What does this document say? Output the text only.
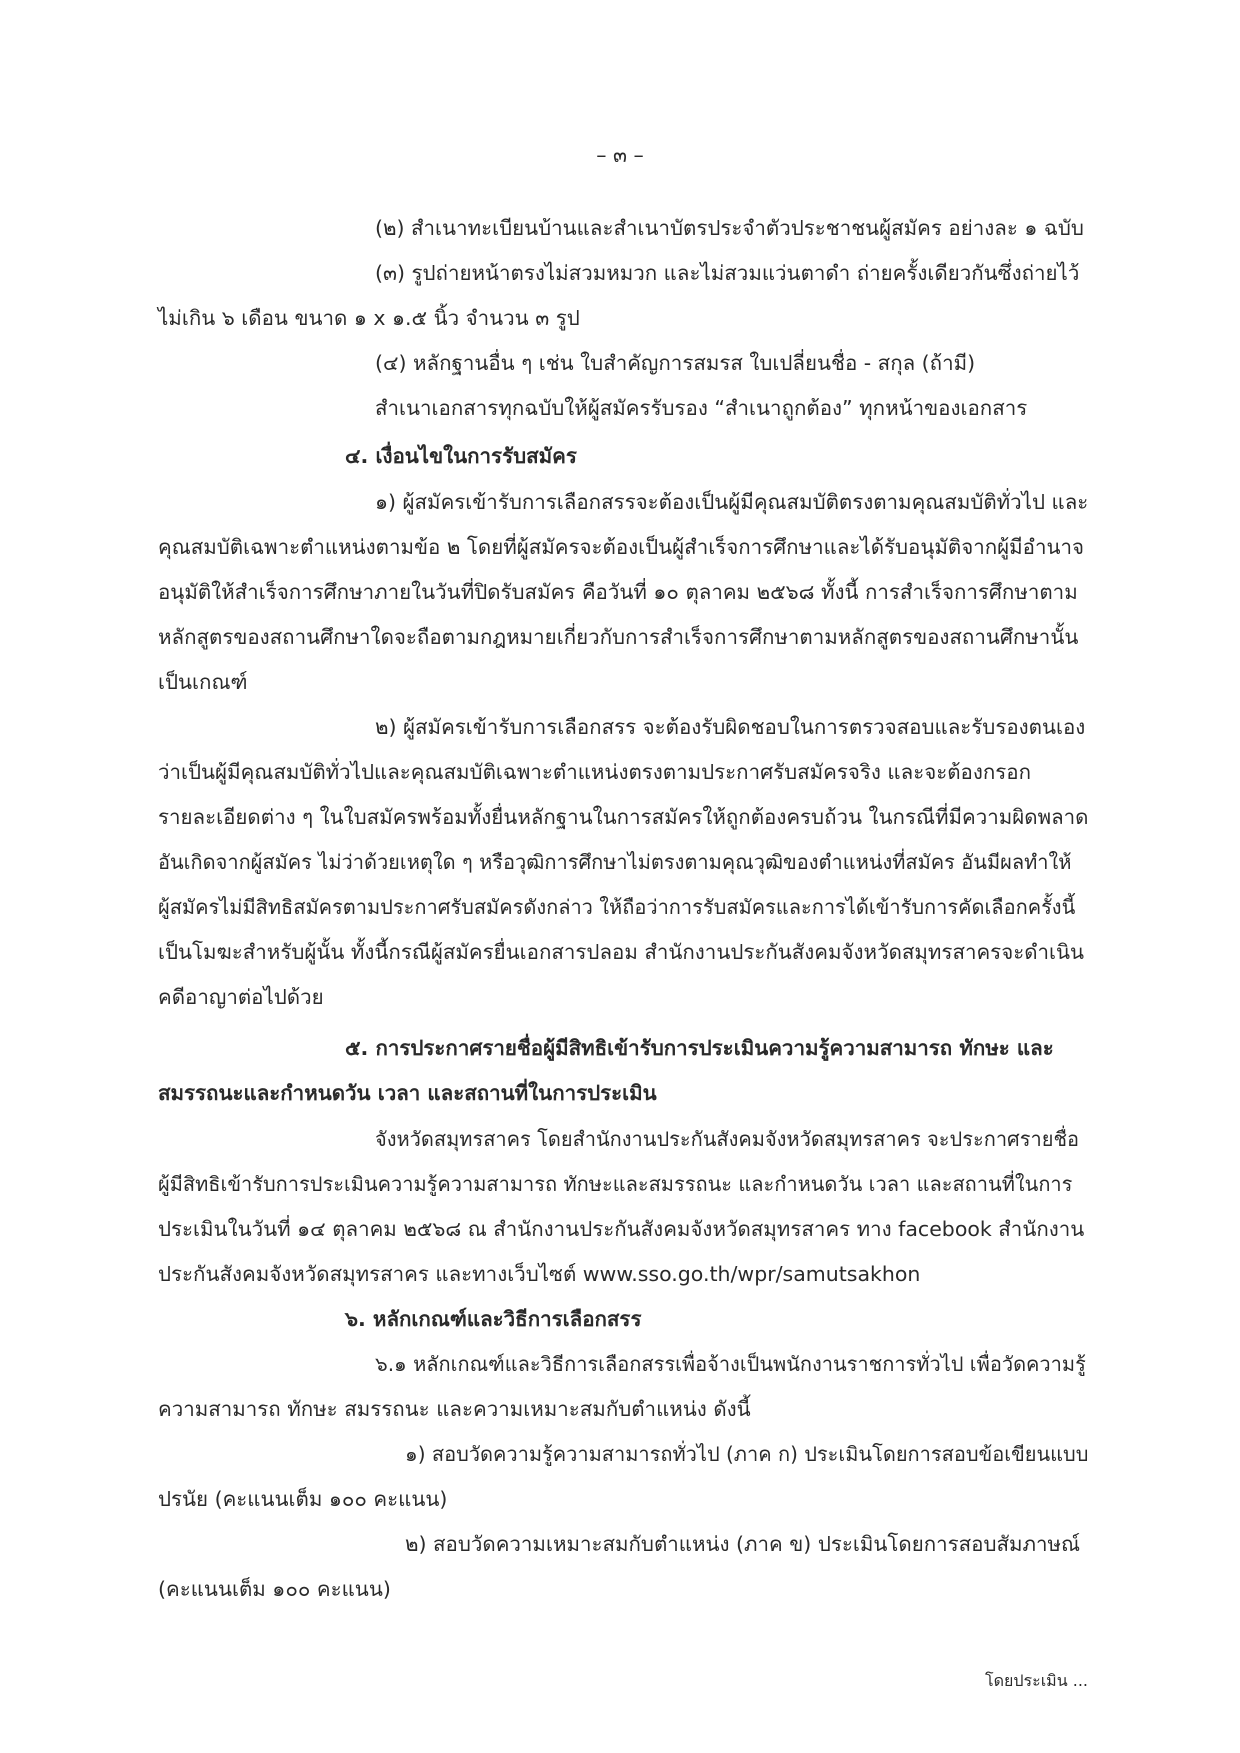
– ๓ –
(๒) สำเนาทะเบียนบ้านและสำเนาบัตรประจำตัวประชาชนผู้สมัคร อย่างละ ๑ ฉบับ
(๓) รูปถ่ายหน้าตรงไม่สวมหมวก และไม่สวมแว่นตาดำ ถ่ายครั้งเดียวกันซึ่งถ่ายไว้
ไม่เกิน ๖ เดือน ขนาด ๑ x ๑.๕ นิ้ว จำนวน ๓ รูป
(๔) หลักฐานอื่น ๆ เช่น ใบสำคัญการสมรส ใบเปลี่ยนชื่อ - สกุล (ถ้ามี)
สำเนาเอกสารทุกฉบับให้ผู้สมัครรับรอง “สำเนาถูกต้อง” ทุกหน้าของเอกสาร
๔. เงื่อนไขในการรับสมัคร
๑) ผู้สมัครเข้ารับการเลือกสรรจะต้องเป็นผู้มีคุณสมบัติตรงตามคุณสมบัติทั่วไป และ
คุณสมบัติเฉพาะตำแหน่งตามข้อ ๒ โดยที่ผู้สมัครจะต้องเป็นผู้สำเร็จการศึกษาและได้รับอนุมัติจากผู้มีอำนาจ
อนุมัติให้สำเร็จการศึกษาภายในวันที่ปิดรับสมัคร คือวันที่ ๑๐ ตุลาคม ๒๕๖๘ ทั้งนี้ การสำเร็จการศึกษาตาม
หลักสูตรของสถานศึกษาใดจะถือตามกฎหมายเกี่ยวกับการสำเร็จการศึกษาตามหลักสูตรของสถานศึกษานั้น
เป็นเกณฑ์
๒) ผู้สมัครเข้ารับการเลือกสรร จะต้องรับผิดชอบในการตรวจสอบและรับรองตนเอง
ว่าเป็นผู้มีคุณสมบัติทั่วไปและคุณสมบัติเฉพาะตำแหน่งตรงตามประกาศรับสมัครจริง และจะต้องกรอก
รายละเอียดต่าง ๆ ในใบสมัครพร้อมทั้งยื่นหลักฐานในการสมัครให้ถูกต้องครบถ้วน ในกรณีที่มีความผิดพลาด
อันเกิดจากผู้สมัคร ไม่ว่าด้วยเหตุใด ๆ หรือวุฒิการศึกษาไม่ตรงตามคุณวุฒิของตำแหน่งที่สมัคร อันมีผลทำให้
ผู้สมัครไม่มีสิทธิสมัครตามประกาศรับสมัครดังกล่าว ให้ถือว่าการรับสมัครและการได้เข้ารับการคัดเลือกครั้งนี้
เป็นโมฆะสำหรับผู้นั้น ทั้งนี้กรณีผู้สมัครยื่นเอกสารปลอม สำนักงานประกันสังคมจังหวัดสมุทรสาครจะดำเนิน
คดีอาญาต่อไปด้วย
๕. การประกาศรายชื่อผู้มีสิทธิเข้ารับการประเมินความรู้ความสามารถ ทักษะ และ
สมรรถนะและกำหนดวัน เวลา และสถานที่ในการประเมิน
จังหวัดสมุทรสาคร โดยสำนักงานประกันสังคมจังหวัดสมุทรสาคร จะประกาศรายชื่อ
ผู้มีสิทธิเข้ารับการประเมินความรู้ความสามารถ ทักษะและสมรรถนะ และกำหนดวัน เวลา และสถานที่ในการ
ประเมินในวันที่ ๑๔ ตุลาคม ๒๕๖๘ ณ สำนักงานประกันสังคมจังหวัดสมุทรสาคร ทาง facebook สำนักงาน
ประกันสังคมจังหวัดสมุทรสาคร และทางเว็บไซต์ www.sso.go.th/wpr/samutsakhon
๖. หลักเกณฑ์และวิธีการเลือกสรร
๖.๑ หลักเกณฑ์และวิธีการเลือกสรรเพื่อจ้างเป็นพนักงานราชการทั่วไป เพื่อวัดความรู้
ความสามารถ ทักษะ สมรรถนะ และความเหมาะสมกับตำแหน่ง ดังนี้
๑) สอบวัดความรู้ความสามารถทั่วไป (ภาค ก) ประเมินโดยการสอบข้อเขียนแบบ
ปรนัย (คะแนนเต็ม ๑๐๐ คะแนน)
๒) สอบวัดความเหมาะสมกับตำแหน่ง (ภาค ข) ประเมินโดยการสอบสัมภาษณ์
(คะแนนเต็ม ๑๐๐ คะแนน)
โดยประเมิน ...
